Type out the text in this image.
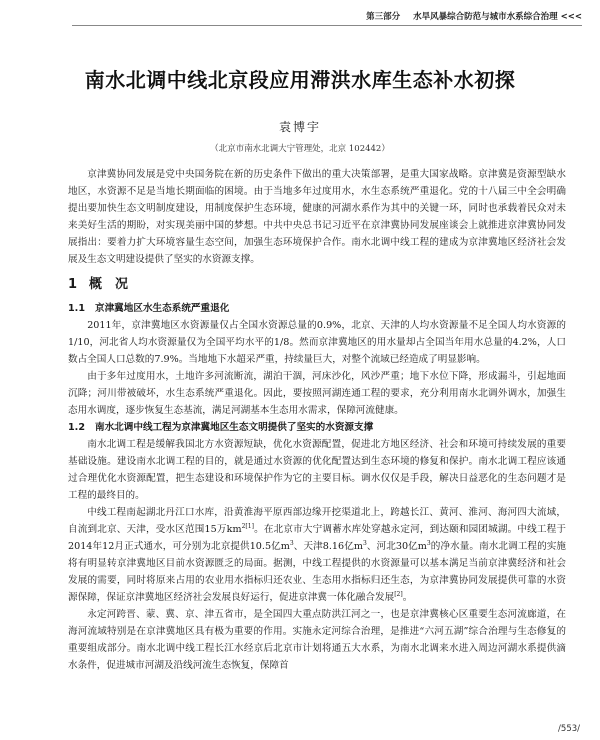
第三部分 水旱风暴综合防范与城市水系综合治理 <<<
南水北调中线北京段应用滞洪水库生态补水初探
袁博宇
（北京市南水北调大宁管理处，北京 102442）

京津冀协同发展是党中央国务院在新的历史条件下做出的重大决策部署，是重大国家战略。京津冀是资源型缺水地区，水资源不足是当地长期面临的困境。由于当地多年过度用水，水生态系统严重退化。党的十八届三中全会明确提出要加快生态文明制度建设，用制度保护生态环境，健康的河湖水系作为其中的关键一环，同时也承载着民众对未来美好生活的期盼，对实现美丽中国的梦想。中共中央总书记习近平在京津冀协同发展座谈会上就推进京津冀协同发展指出：要着力扩大环境容量生态空间，加强生态环境保护合作。南水北调中线工程的建成为京津冀地区经济社会发展及生态文明建设提供了坚实的水资源支撑。

1 概　况
1.1 京津冀地区水生态系统严重退化

2011年，京津冀地区水资源量仅占全国水资源总量的0.9%，北京、天津的人均水资源量不足全国人均水资源的1/10，河北省人均水资源量仅为全国平均水平的1/8。然而京津冀地区的用水量却占全国当年用水总量的4.2%，人口数占全国人口总数的7.9%。当地地下水超采严重，持续量巨大，对整个流域已经造成了明显影响。

由于多年过度用水，土地许多河流断流，湖泊干涸，河床沙化，风沙严重；地下水位下降，形成漏斗，引起地面沉降；河川带被破坏，水生态系统严重退化。因此，要按照河湖连通工程的要求，充分利用南水北调外调水，加强生态用水调度，逐步恢复生态基流，满足河湖基本生态用水需求，保障河流健康。

1.2 南水北调中线工程为京津冀地区生态文明提供了坚实的水资源支撑

南水北调工程是缓解我国北方水资源短缺，优化水资源配置，促进北方地区经济、社会和环境可持续发展的重要基础设施。建设南水北调工程的目的，就是通过水资源的优化配置达到生态环境的修复和保护。南水北调工程应该通过合理优化水资源配置，把生态建设和环境保护作为它的主要目标。调水仅仅是手段，解决日益恶化的生态问题才是工程的最终目的。

中线工程南起湖北丹江口水库，沿黄淮海平原西部边缘开挖渠道北上，跨越长江、黄河、淮河、海河四大流域，自流到北京、天津，受水区范围15万$km^{2[1]}$。在北京市大宁调蓄水库处穿越永定河，到达颐和园团城湖。中线工程于2014年12月正式通水，可分别为北京提供10.5亿$m^3$、天津8.16亿$m^3$、河北30亿$m^3$的净水量。南水北调工程的实施将有明显转京津冀地区目前水资源匮乏的局面。据测，中线工程提供的水资源量可以基本满足当前京津冀经济和社会发展的需要，同时将原来占用的农业用水指标归还农业、生态用水指标归还生态，为京津冀协同发展提供可靠的水资源保障，保证京津冀地区经济社会发展良好运行，促进京津冀一体化融合发展[2]。

永定河跨晋、蒙、冀、京、津五省市，是全国四大重点防洪江河之一，也是京津冀核心区重要生态河流廊道，在海河流域特别是在京津冀地区具有极为重要的作用。实施永定河综合治理，是推进“六河五湖”综合治理与生态修复的重要组成部分。南水北调中线工程长江水经京后北京市计划将通五大水系，为南水北调来水进入周边河湖水系提供滴水条件，促进城市河湖及沿线河流生态恢复，保障首

/553/
